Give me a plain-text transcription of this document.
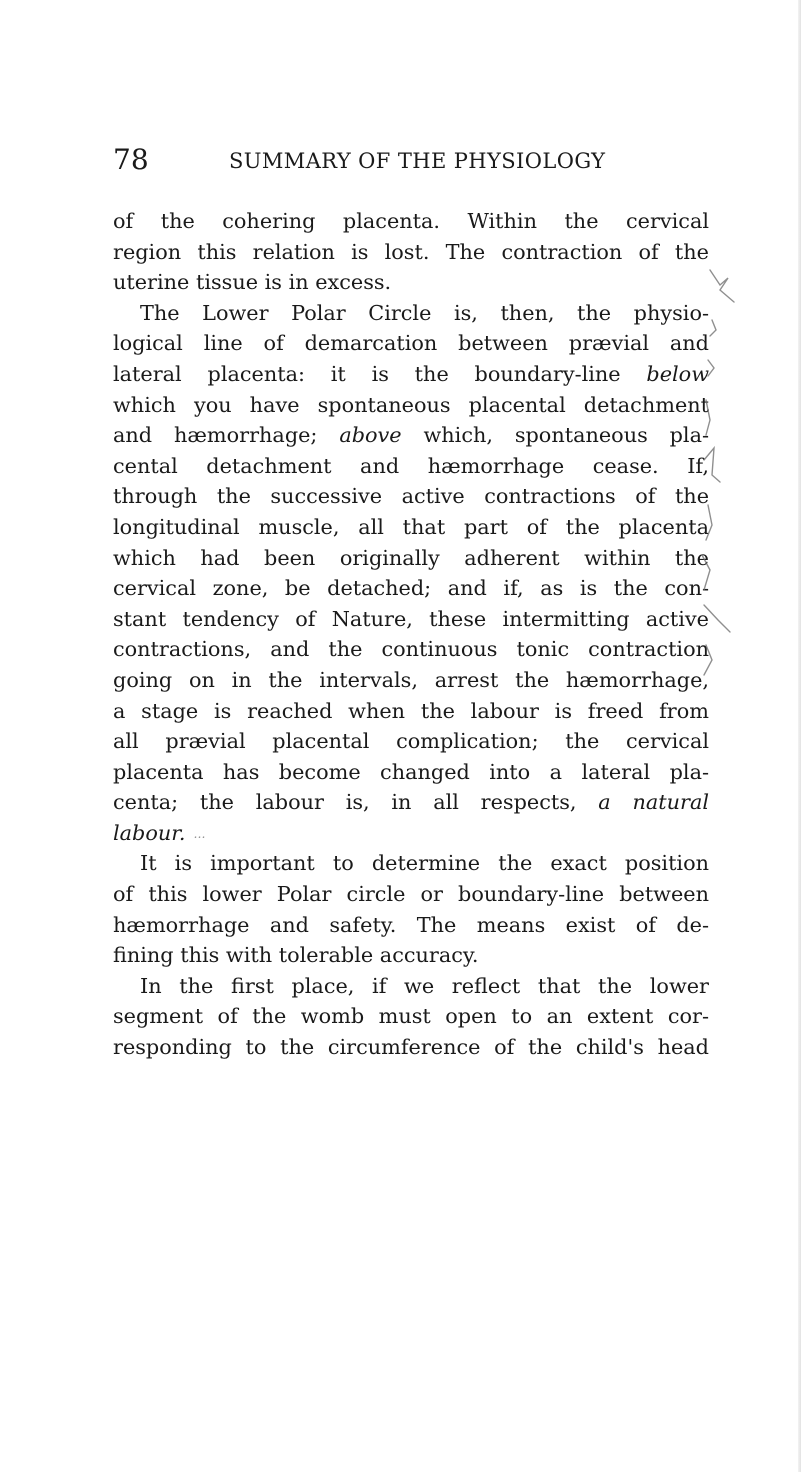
78	SUMMARY OF THE PHYSIOLOGY
of the cohering placenta. Within the cervical
region this relation is lost. The contraction of the
uterine tissue is in excess.
The Lower Polar Circle is, then, the physio-
logical line of demarcation between prævial and
lateral placenta: it is the boundary-line below
which you have spontaneous placental detachment
and hæmorrhage; above which, spontaneous pla-
cental detachment and hæmorrhage cease. If,
through the successive active contractions of the
longitudinal muscle, all that part of the placenta
which had been originally adherent within the
cervical zone, be detached; and if, as is the con-
stant tendency of Nature, these intermitting active
contractions, and the continuous tonic contraction
going on in the intervals, arrest the hæmorrhage,
a stage is reached when the labour is freed from
all prævial placental complication; the cervical
placenta has become changed into a lateral pla-
centa; the labour is, in all respects, a natural
labour. …
It is important to determine the exact position
of this lower Polar circle or boundary-line between
hæmorrhage and safety. The means exist of de-
fining this with tolerable accuracy.
In the first place, if we reflect that the lower
segment of the womb must open to an extent cor-
responding to the circumference of the child's head
